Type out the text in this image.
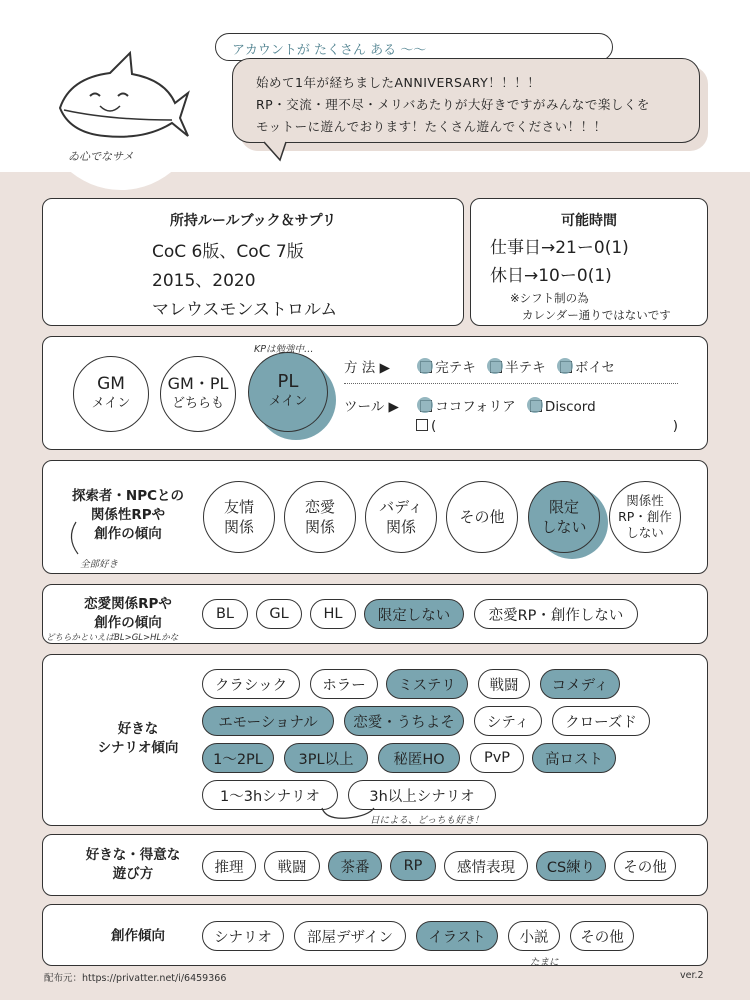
ゐ心でなサメ
アカウントが たくさん ある 〜〜
始めて1年が経ちましたANNIVERSARY！！！！
RP・交流・理不尽・メリバあたりが大好きですがみんなで楽しくを
モットーに遊んでおります！たくさん遊んでください！！！
所持ルールブック＆サプリ
CoC 6版、CoC 7版
2015、2020
マレウスモンストロルム
可能時間
仕事日→21ー0(1)
休日→10ー0(1)
※シフト制の為
カレンダー通りではないです
GM
メイン
GM・PL
どちらも
PL
メイン
KPは勉強中…
方 法 ▶	完テキ 半テキ ボイセ
ツール ▶	ココフォリア Discord
(	)
探索者・NPCとの
関係性RPや
創作の傾向
全部好き
友情
関係
恋愛
関係
バディ
関係
その他
限定
しない
関係性
RP・創作
しない
恋愛関係RPや
創作の傾向
どちらかといえばBL>GL>HLかな
BL	GL	HL	限定しない	恋愛RP・創作しない
好きな
シナリオ傾向
クラシック	ホラー	ミステリ	戦闘	コメディ
エモーショナル	恋愛・うちよそ	シティ	クローズド
1〜2PL	3PL以上	秘匿HO	PvP	高ロスト
1〜3hシナリオ	3h以上シナリオ
日による、どっちも好き！
好きな・得意な
遊び方	推理	戦闘	茶番	RP	感情表現	CS練り	その他
創作傾向	シナリオ	部屋デザイン	イラスト	小説	その他
たまに
配布元：https://privatter.net/i/6459366	ver.2
